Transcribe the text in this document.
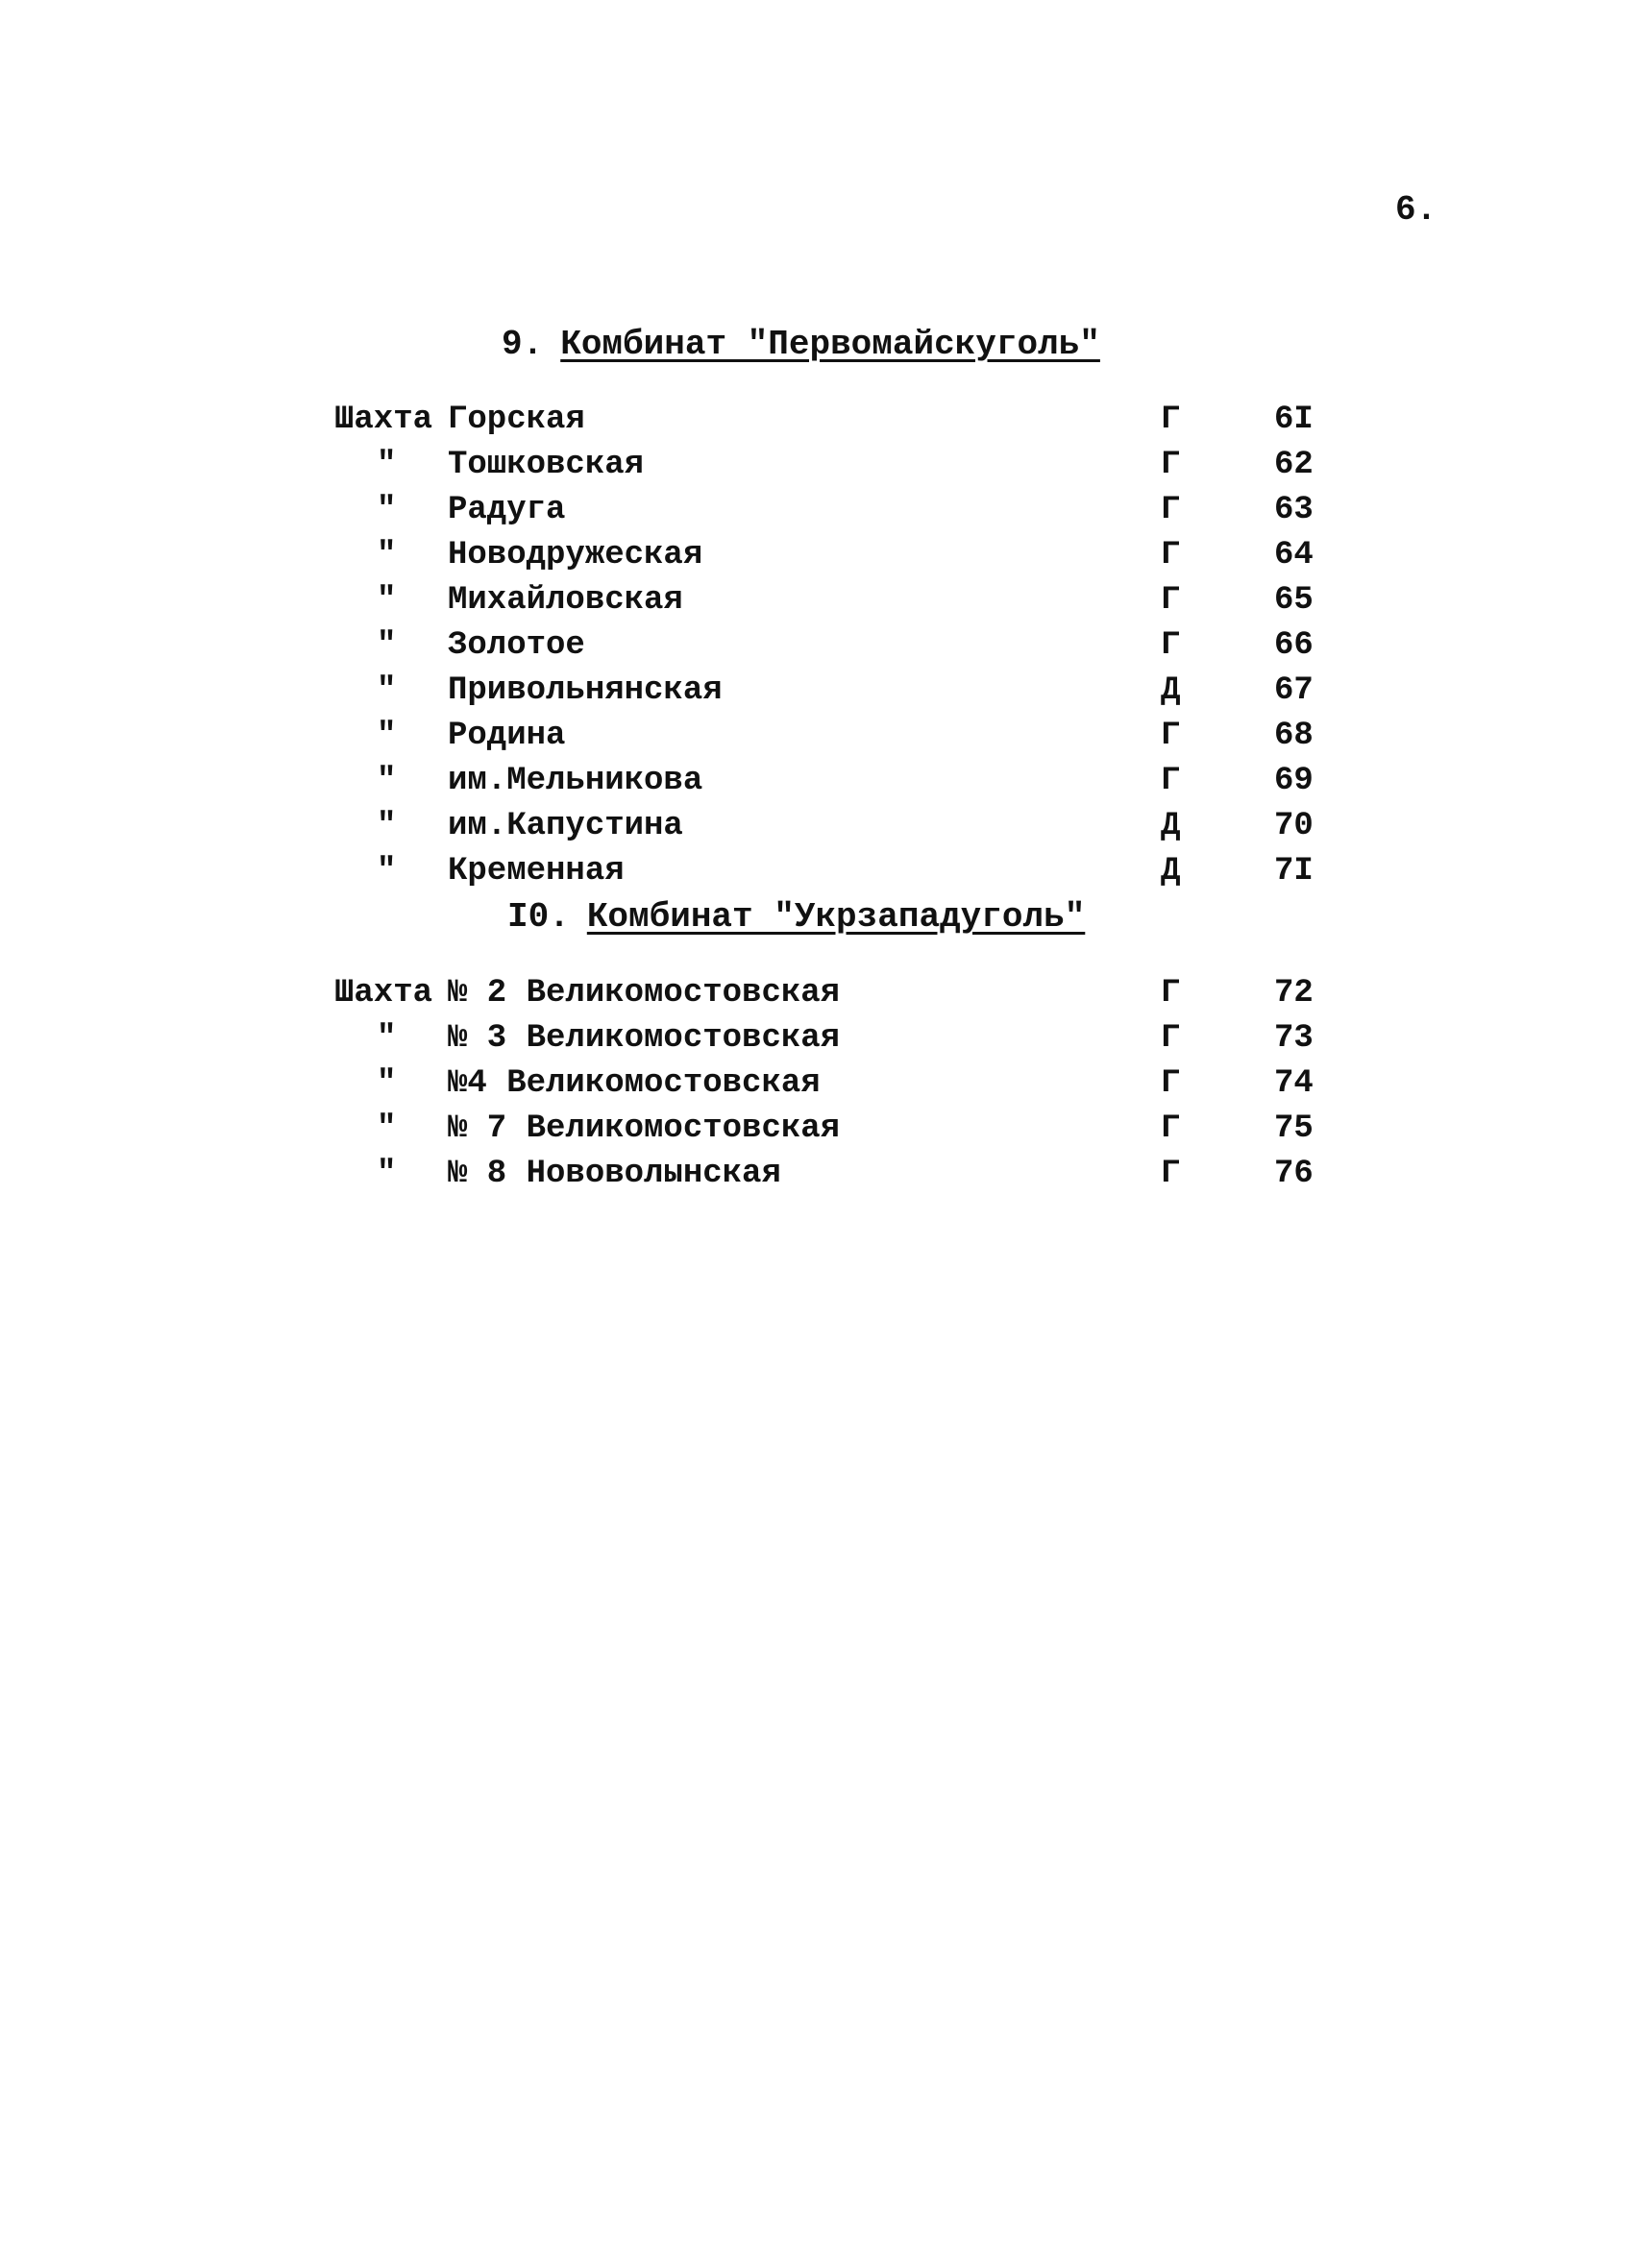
6.
9. Комбинат "Первомайскуголь"
Шахта Горская	Г	6I
" Тошковская	Г	62
" Радуга	Г	63
" Новодружеская	Г	64
" Михайловская	Г	65
" Золотое	Г	66
" Привольнянская	Д	67
" Родина	Г	68
" им.Мельникова	Г	69
" им.Капустина	Д	70
" Кременная	Д	7I
I0. Комбинат "Укрзападуголь"
Шахта № 2 Великомостовская	Г	72
" № 3 Великомостовская	Г	73
" №4 Великомостовская	Г	74
" № 7 Великомостовская	Г	75
" № 8 Нововолынская	Г	76
